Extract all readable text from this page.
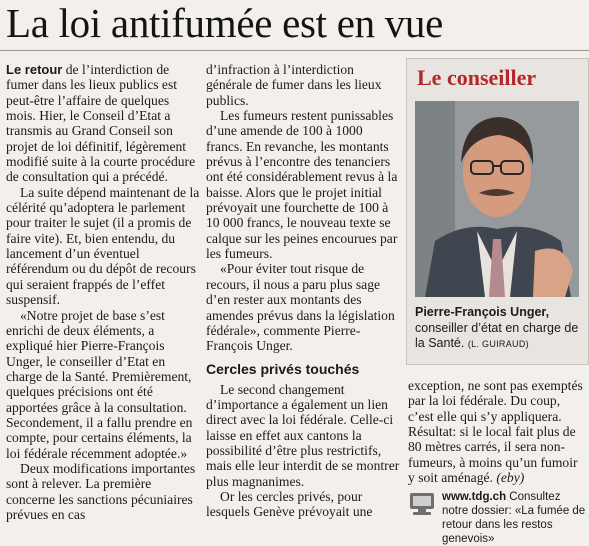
La loi antifumée est en vue

Le retour de l’interdiction de fumer dans les lieux publics est peut-être l’affaire de quelques mois. Hier, le Conseil d’Etat a transmis au Grand Conseil son projet de loi définitif, légèrement modifié suite à la courte procédure de consultation qui a précédé.

La suite dépend maintenant de la célérité qu’adoptera le parlement pour traiter le sujet (il a promis de faire vite). Et, bien entendu, du lancement d’un éventuel référendum ou du dépôt de recours qui seraient frappés de l’effet suspensif.

«Notre projet de base s’est enrichi de deux éléments, a expliqué hier Pierre-François Unger, le conseiller d’Etat en charge de la Santé. Premièrement, quelques précisions ont été apportées grâce à la consultation. Secondement, il a fallu prendre en compte, pour certains éléments, la loi fédérale récemment adoptée.»

Deux modifications importantes sont à relever. La première concerne les sanctions pécuniaires prévues en cas

d’infraction à l’interdiction générale de fumer dans les lieux publics.

Les fumeurs restent punissables d’une amende de 100 à 1000 francs. En revanche, les montants prévus à l’encontre des tenanciers ont été considérablement revus à la baisse. Alors que le projet initial prévoyait une fourchette de 100 à 10 000 francs, le nouveau texte se calque sur les peines encourues par les fumeurs.

«Pour éviter tout risque de recours, il nous a paru plus sage d’en rester aux montants des amendes prévus dans la législation fédérale», commente Pierre-François Unger.

Cercles privés touchés

Le second changement d’importance a également un lien direct avec la loi fédérale. Celle-ci laisse en effet aux cantons la possibilité d’être plus restrictifs, mais elle leur interdit de se montrer plus magnanimes.

Or les cercles privés, pour lesquels Genève prévoyait une

Le conseiller
Pierre-François Unger,
conseiller d’état en charge de la Santé. (L. GUIRAUD)

exception, ne sont pas exemptés par la loi fédérale. Du coup, c’est elle qui s’y appliquera. Résultat: si le local fait plus de 80 mètres carrés, il sera non-fumeurs, à moins qu’un fumoir y soit aménagé. (eby)

www.tdg.ch Consultez notre dossier: «La fumée de retour dans les restos genevois»
